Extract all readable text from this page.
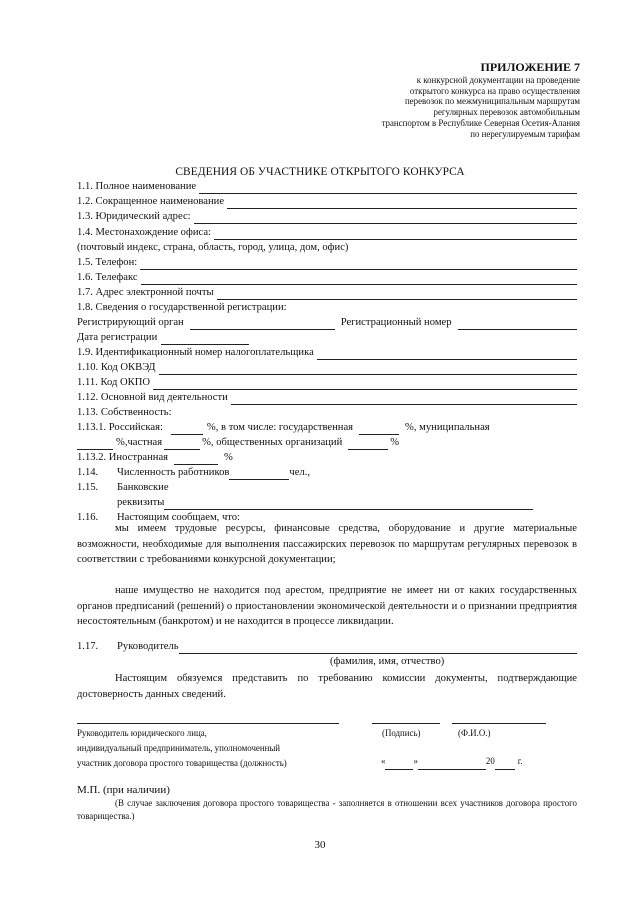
ПРИЛОЖЕНИЕ 7
к конкурсной документации на проведение
открытого конкурса на право осуществления
перевозок по межмуниципальным маршрутам
регулярных перевозок автомобильным
транспортом в Республике Северная Осетия-Алания
по нерегулируемым тарифам
СВЕДЕНИЯ ОБ УЧАСТНИКЕ ОТКРЫТОГО КОНКУРСА
1.1. Полное наименование
1.2. Сокращенное наименование
1.3. Юридический адрес:
1.4. Местонахождение офиса:
(почтовый индекс, страна, область, город, улица, дом, офис)
1.5. Телефон:
1.6. Телефакс
1.7. Адрес электронной почты
1.8. Сведения о государственной регистрации:
Регистрирующий орган	Регистрационный номер
Дата регистрации
1.9. Идентификационный номер налогоплательщика
1.10. Код ОКВЭД
1.11. Код ОКПО
1.12. Основной вид деятельности
1.13. Собственность:
1.13.1. Российская:	%, в том числе: государственная	%, муниципальная
%,частная	%, общественных организаций	%
1.13.2. Иностранная	%
1.14.	Численность работников	чел.,
1.15.	Банковские
реквизиты
1.16.	Настоящим сообщаем, что:
мы имеем трудовые ресурсы, финансовые средства, оборудование и другие материальные возможности, необходимые для выполнения пассажирских перевозок по маршрутам регулярных перевозок в соответствии с требованиями конкурсной документации;
наше имущество не находится под арестом, предприятие не имеет ни от каких государственных органов предписаний (решений) о приостановлении экономической деятельности и о признании предприятия несостоятельным (банкротом) и не находится в процессе ликвидации.
1.17.	Руководитель
(фамилия, имя, отчество)
Настоящим обязуемся представить по требованию комиссии документы, подтверждающие достоверность данных сведений.
Руководитель юридического лица,
индивидуальный предприниматель, уполномоченный
участник договора простого товарищества (должность)
(Подпись)	(Ф.И.О.)
«	»	20	г.
М.П. (при наличии)
(В случае заключения договора простого товарищества - заполняется в отношении всех участников договора простого товарищества.)
30
